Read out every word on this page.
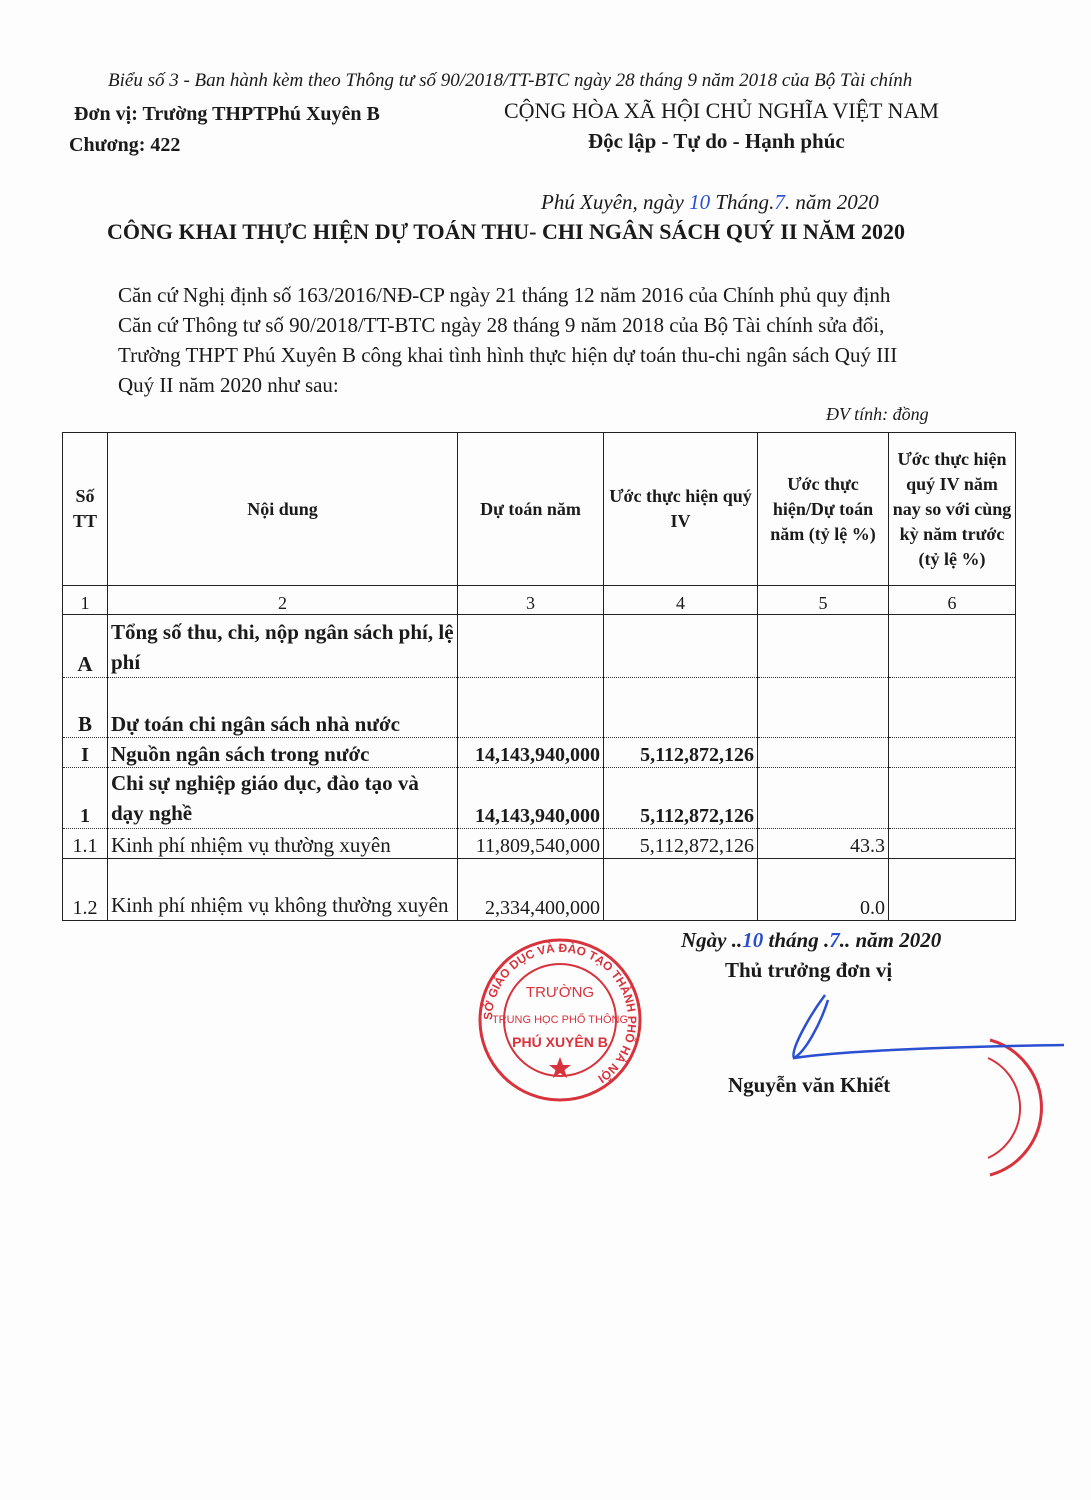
Biểu số 3 - Ban hành kèm theo Thông tư số 90/2018/TT-BTC ngày 28 tháng 9 năm 2018 của Bộ Tài chính
Đơn vị: Trường THPTPhú Xuyên B
Chương: 422
CỘNG HÒA XÃ HỘI CHỦ NGHĨA VIỆT NAM
Độc lập - Tự do - Hạnh phúc
Phú Xuyên, ngày 10 Tháng.7. năm 2020
CÔNG KHAI THỰC HIỆN DỰ TOÁN THU- CHI NGÂN SÁCH QUÝ II NĂM 2020
Căn cứ Nghị định số 163/2016/NĐ-CP ngày 21 tháng 12 năm 2016 của Chính phủ quy định
Căn cứ Thông tư số 90/2018/TT-BTC ngày 28 tháng 9 năm 2018 của Bộ Tài chính sửa đổi,
Trường THPT Phú Xuyên B công khai tình hình thực hiện dự toán thu-chi ngân sách Quý III
Quý II năm 2020 như sau:
ĐV tính: đồng
Số TT	Nội dung	Dự toán năm	Ước thực hiện quý IV	Ước thực hiện/Dự toán năm (tỷ lệ %)	Ước thực hiện quý IV năm nay so với cùng kỳ năm trước (tỷ lệ %)
1	2	3	4	5	6
A	Tổng số thu, chi, nộp ngân sách phí, lệ phí				
B	Dự toán chi ngân sách nhà nước				
I	Nguồn ngân sách trong nước	14,143,940,000	5,112,872,126		
1	Chi sự nghiệp giáo dục, đào tạo và dạy nghề	14,143,940,000	5,112,872,126		
1.1	Kinh phí nhiệm vụ thường xuyên	11,809,540,000	5,112,872,126	43.3	
1.2	Kinh phí nhiệm vụ không thường xuyên	2,334,400,000		0.0	
SỞ GIÁO DỤC VÀ ĐÀO TẠO THÀNH PHỐ HÀ NỘI
TRƯỜNG
TRUNG HỌC PHỔ THÔNG
PHÚ XUYÊN B
Ngày ..10 tháng .7.. năm 2020
Thủ trưởng đơn vị
Nguyễn văn Khiết
